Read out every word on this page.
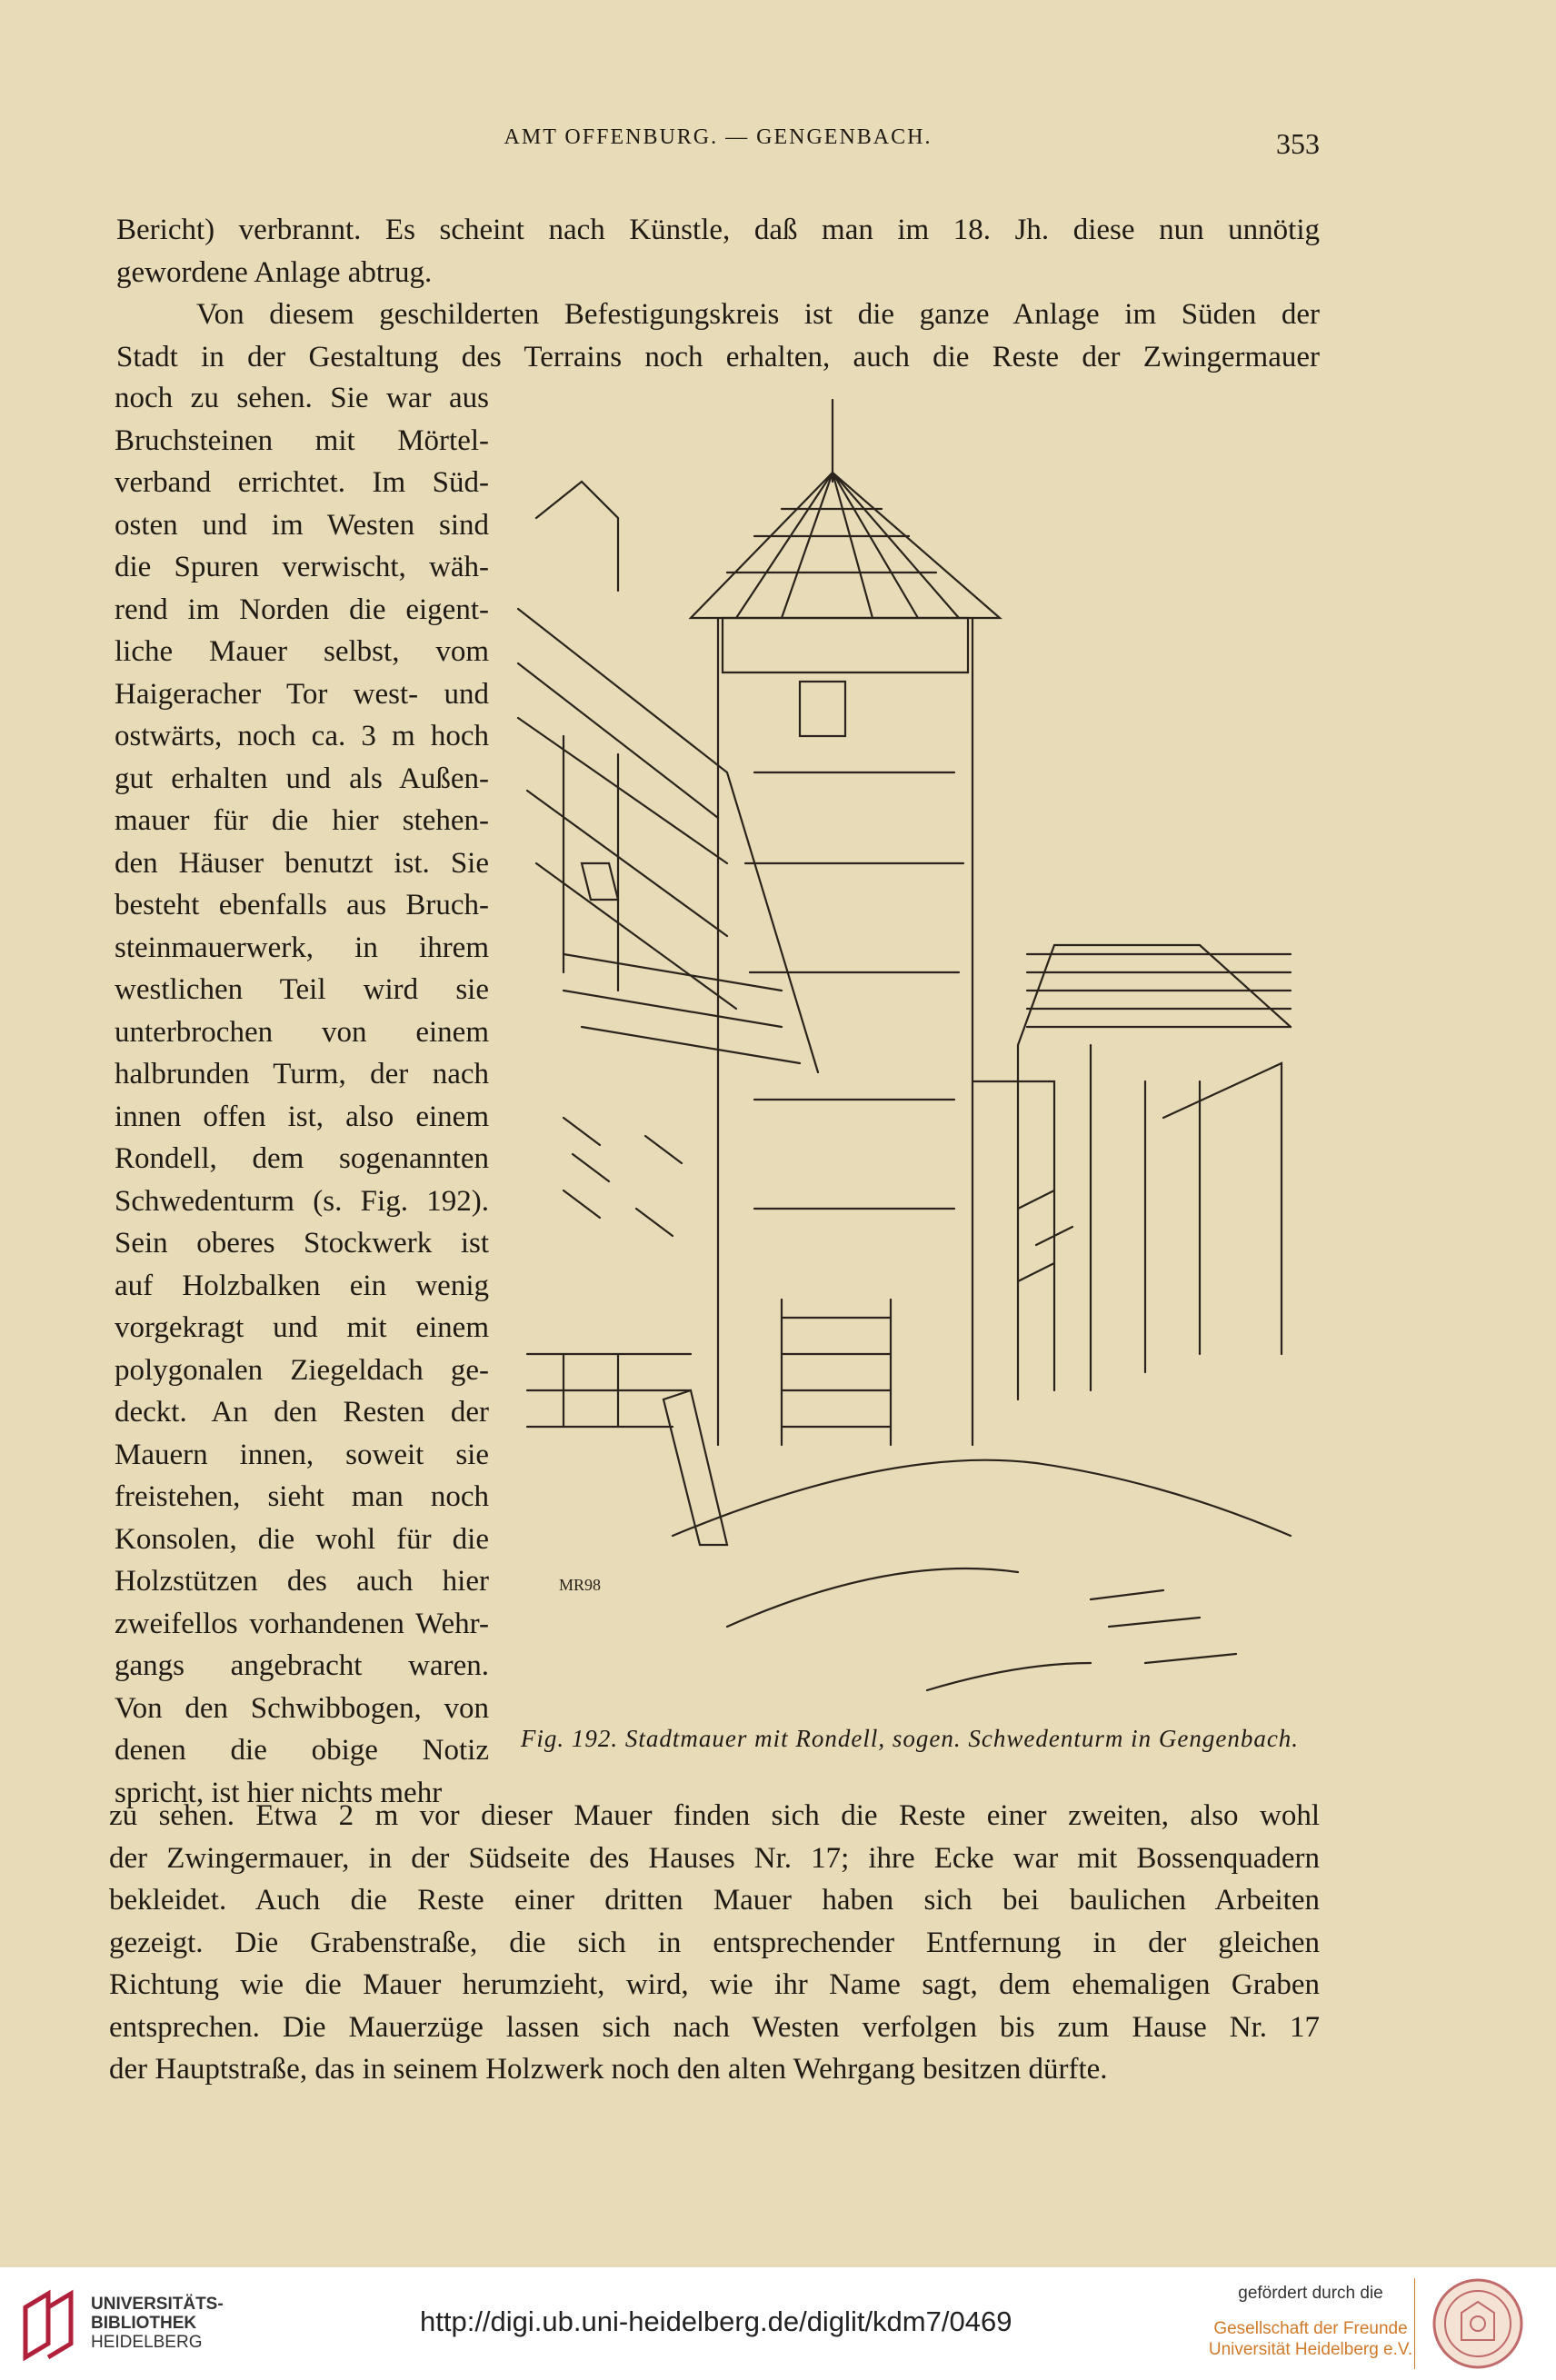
AMT OFFENBURG. — GENGENBACH.	353
Bericht) verbrannt. Es scheint nach Künstle, daß man im 18. Jh. diese nun unnötig
gewordene Anlage abtrug.
Von diesem geschilderten Befestigungskreis ist die ganze Anlage im Süden der
Stadt in der Gestaltung des Terrains noch erhalten, auch die Reste der Zwingermauer
noch zu sehen. Sie war aus
Bruchsteinen mit Mörtel-
verband errichtet. Im Süd-
osten und im Westen sind
die Spuren verwischt, wäh-
rend im Norden die eigent-
liche Mauer selbst, vom
Haigeracher Tor west- und
ostwärts, noch ca. 3 m hoch
gut erhalten und als Außen-
mauer für die hier stehen-
den Häuser benutzt ist. Sie
besteht ebenfalls aus Bruch-
steinmauerwerk, in ihrem
westlichen Teil wird sie
unterbrochen von einem
halbrunden Turm, der nach
innen offen ist, also einem
Rondell, dem sogenannten
Schwedenturm (s. Fig. 192).
Sein oberes Stockwerk ist
auf Holzbalken ein wenig
vorgekragt und mit einem
polygonalen Ziegeldach ge-
deckt. An den Resten der
Mauern innen, soweit sie
freistehen, sieht man noch
Konsolen, die wohl für die
Holzstützen des auch hier
zweifellos vorhandenen Wehr-
gangs angebracht waren.
Von den Schwibbogen, von
denen die obige Notiz
spricht, ist hier nichts mehr
MR98
Fig. 192. Stadtmauer mit Rondell, sogen. Schwedenturm in Gengenbach.
zu sehen. Etwa 2 m vor dieser Mauer finden sich die Reste einer zweiten, also wohl
der Zwingermauer, in der Südseite des Hauses Nr. 17; ihre Ecke war mit Bossenquadern
bekleidet. Auch die Reste einer dritten Mauer haben sich bei baulichen Arbeiten
gezeigt. Die Grabenstraße, die sich in entsprechender Entfernung in der gleichen
Richtung wie die Mauer herumzieht, wird, wie ihr Name sagt, dem ehemaligen Graben
entsprechen. Die Mauerzüge lassen sich nach Westen verfolgen bis zum Hause Nr. 17
der Hauptstraße, das in seinem Holzwerk noch den alten Wehrgang besitzen dürfte.
UNIVERSITÄTS-
BIBLIOTHEK
HEIDELBERG
http://digi.ub.uni-heidelberg.de/diglit/kdm7/0469
gefördert durch die
Gesellschaft der Freunde
Universität Heidelberg e.V.
